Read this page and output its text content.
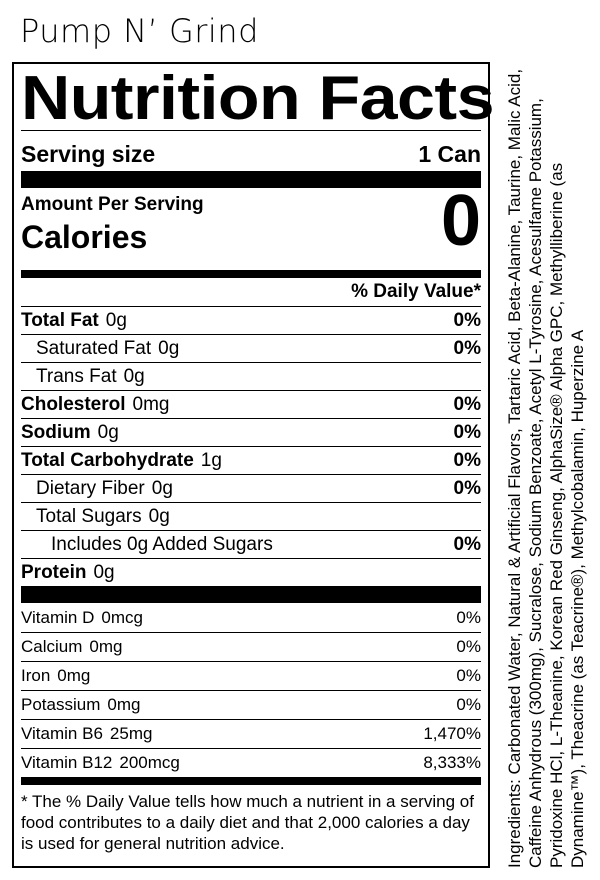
Pump N’ Grind
Nutrition Facts
Serving size	1 Can
Amount Per Serving
Calories	0
% Daily Value*
Total Fat 0g	0%
Saturated Fat 0g	0%
Trans Fat 0g
Cholesterol 0mg	0%
Sodium 0g	0%
Total Carbohydrate 1g	0%
Dietary Fiber 0g	0%
Total Sugars 0g
Includes 0g Added Sugars	0%
Protein 0g
Vitamin D 0mcg	0%
Calcium 0mg	0%
Iron 0mg	0%
Potassium 0mg	0%
Vitamin B6 25mg	1,470%
Vitamin B12 200mcg	8,333%
* The % Daily Value tells how much a nutrient in a serving of food contributes to a daily diet and that 2,000 calories a day is used for general nutrition advice.	Ingredients: Carbonated Water, Natural & Artificial Flavors, Tartaric Acid, Beta-Alanine, Taurine, Malic Acid, Caffeine Anhydrous (300mg), Sucralose, Sodium Benzoate, Acetyl L-Tyrosine, Acesulfame Potassium, Pyridoxine HCl, L-Theanine, Korean Red Ginseng, AlphaSize® Alpha GPC, Methylliberine (as Dynamine™), Theacrine (as Teacrine®), Methylcobalamin, Huperzine A
